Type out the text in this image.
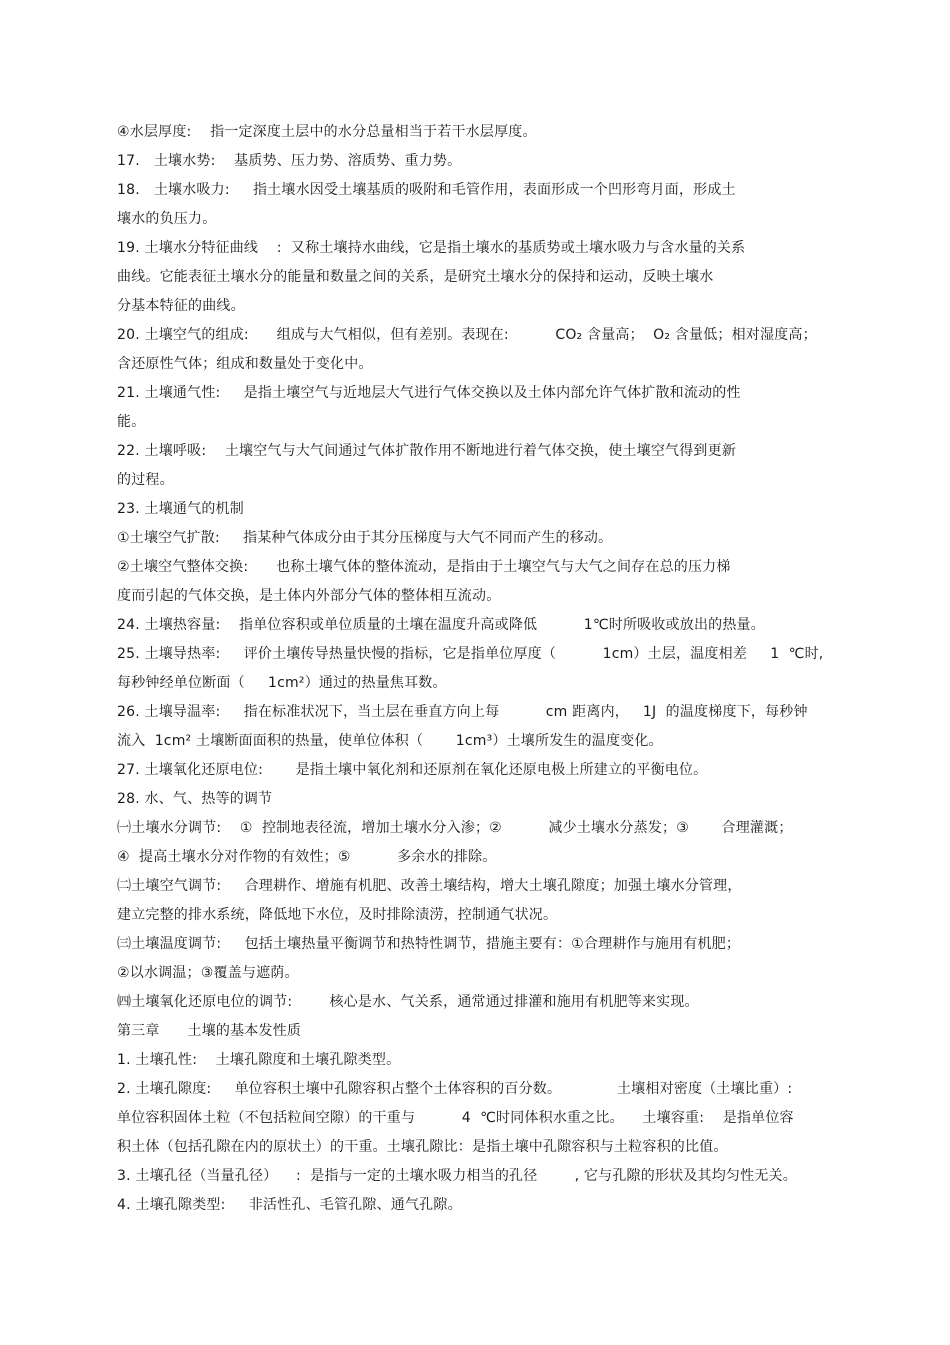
④水层厚度:    指一定深度土层中的水分总量相当于若干水层厚度。
17.   土壤水势:    基质势、压力势、溶质势、重力势。
18.   土壤水吸力:     指土壤水因受土壤基质的吸附和毛管作用，表面形成一个凹形弯月面，形成土
壤水的负压力。
19. 土壤水分特征曲线    :  又称土壤持水曲线，它是指土壤水的基质势或土壤水吸力与含水量的关系
曲线。它能表征土壤水分的能量和数量之间的关系，是研究土壤水分的保持和运动，反映土壤水
分基本特征的曲线。
20. 土壤空气的组成:      组成与大气相似，但有差别。表现在:          CO₂ 含量高；  O₂ 含量低；相对湿度高；
含还原性气体；组成和数量处于变化中。
21. 土壤通气性:     是指土壤空气与近地层大气进行气体交换以及土体内部允许气体扩散和流动的性
能。
22. 土壤呼吸:    土壤空气与大气间通过气体扩散作用不断地进行着气体交换，使土壤空气得到更新
的过程。
23. 土壤通气的机制
①土壤空气扩散:     指某种气体成分由于其分压梯度与大气不同而产生的移动。
②土壤空气整体交换:      也称土壤气体的整体流动，是指由于土壤空气与大气之间存在总的压力梯
度而引起的气体交换，是土体内外部分气体的整体相互流动。
24. 土壤热容量:    指单位容积或单位质量的土壤在温度升高或降低          1℃时所吸收或放出的热量。
25. 土壤导热率:     评价土壤传导热量快慢的指标，它是指单位厚度（          1cm）土层，温度相差     1  ℃时,
每秒钟经单位断面（     1cm²）通过的热量焦耳数。
26. 土壤导温率:     指在标准状况下，当土层在垂直方向上每          cm 距离内，   1J  的温度梯度下，每秒钟
流入  1cm² 土壤断面面积的热量，使单位体积（       1cm³）土壤所发生的温度变化。
27. 土壤氧化还原电位:       是指土壤中氧化剂和还原剂在氧化还原电极上所建立的平衡电位。
28. 水、气、热等的调节
㈠土壤水分调节:    ①  控制地表径流，增加土壤水分入渗；②          减少土壤水分蒸发；③       合理灌溉；
④  提高土壤水分对作物的有效性；⑤          多余水的排除。
㈡土壤空气调节:     合理耕作、增施有机肥、改善土壤结构，增大土壤孔隙度；加强土壤水分管理，
建立完整的排水系统，降低地下水位，及时排除渍涝，控制通气状况。
㈢土壤温度调节:     包括土壤热量平衡调节和热特性调节，措施主要有：①合理耕作与施用有机肥；
②以水调温；③覆盖与遮荫。
㈣土壤氧化还原电位的调节:        核心是水、气关系，通常通过排灌和施用有机肥等来实现。
第三章      土壤的基本发性质
1. 土壤孔性:    土壤孔隙度和土壤孔隙类型。
2. 土壤孔隙度:     单位容积土壤中孔隙容积占整个土体容积的百分数。            土壤相对密度（土壤比重）:
单位容积固体土粒（不包括粒间空隙）的干重与          4  ℃时同体积水重之比。    土壤容重:    是指单位容
积土体（包括孔隙在内的原状土）的干重。土壤孔隙比：是指土壤中孔隙容积与土粒容积的比值。
3. 土壤孔径（当量孔径）    :  是指与一定的土壤水吸力相当的孔径        , 它与孔隙的形状及其均匀性无关。
4. 土壤孔隙类型:     非活性孔、毛管孔隙、通气孔隙。
